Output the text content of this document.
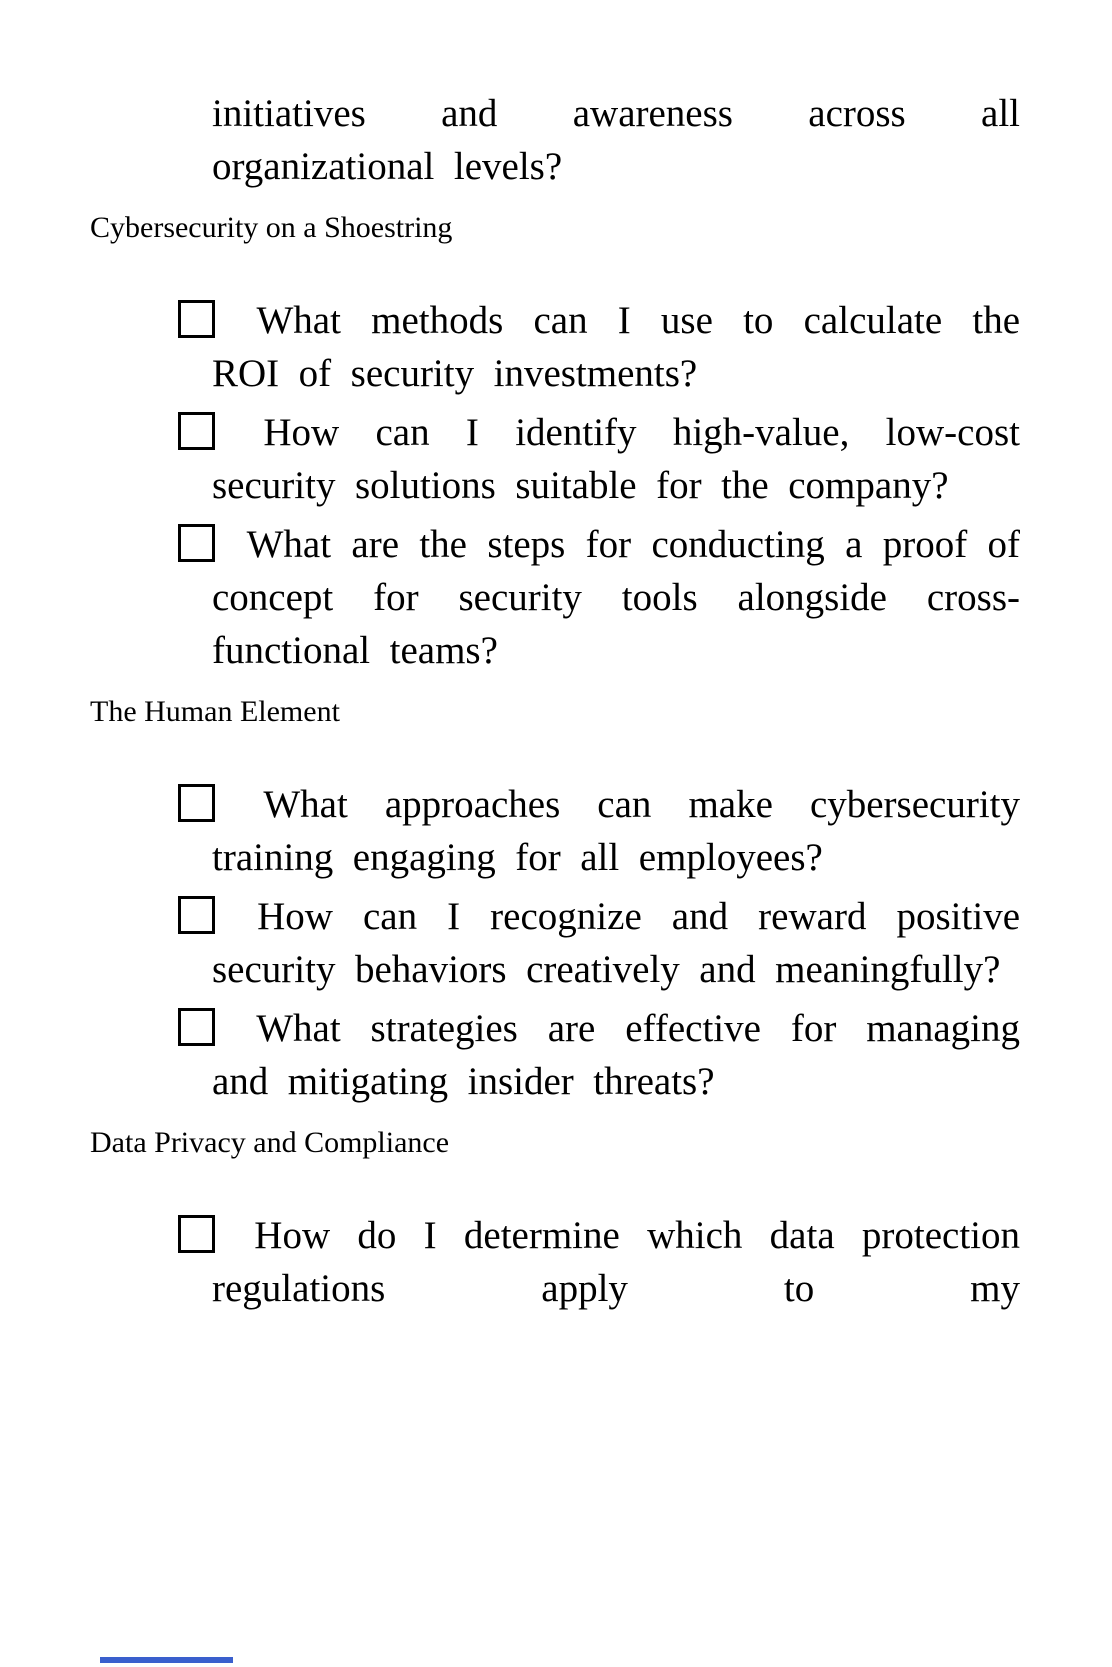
initiatives and awareness across all organizational levels?

Cybersecurity on a Shoestring
What methods can I use to calculate the ROI of security investments?
How can I identify high-value, low-cost security solutions suitable for the company?
What are the steps for conducting a proof of concept for security tools alongside cross-functional teams?
The Human Element
What approaches can make cybersecurity training engaging for all employees?
How can I recognize and reward positive security behaviors creatively and meaningfully?
What strategies are effective for managing and mitigating insider threats?
Data Privacy and Compliance
How do I determine which data protection regulations apply to my
